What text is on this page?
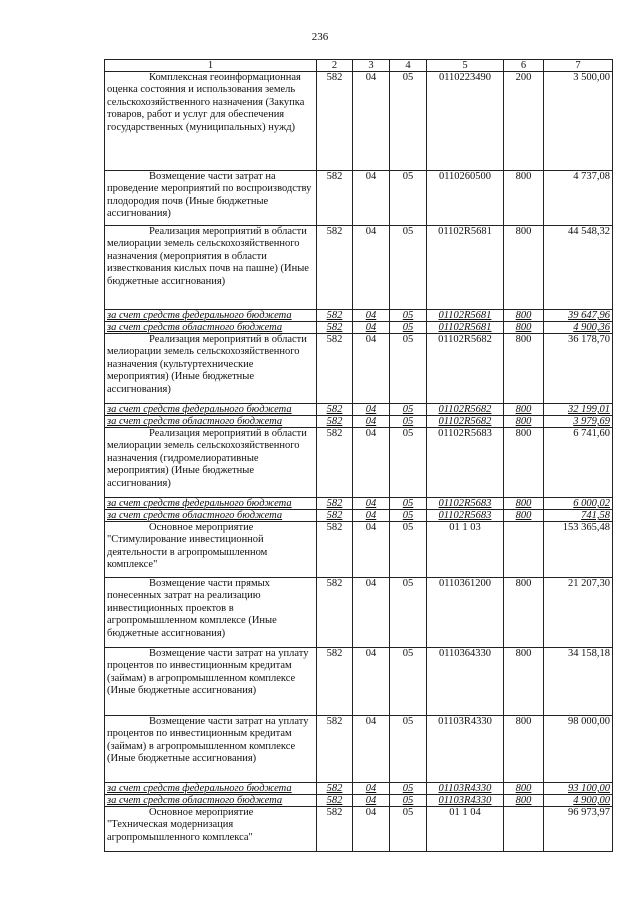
236
1	2	3	4	5	6	7
Комплексная геоинформационная оценка состояния и использования земель сельскохозяйственного назначения (Закупка товаров, работ и услуг для обеспечения государственных (муниципальных) нужд)	582	04	05	0110223490	200	3 500,00
Возмещение части затрат на проведение мероприятий по воспроизводству плодородия почв (Иные бюджетные ассигнования)	582	04	05	0110260500	800	4 737,08
Реализация мероприятий в области мелиорации земель сельскохозяйственного назначения (мероприятия в области известкования кислых почв на пашне) (Иные бюджетные ассигнования)	582	04	05	01102R5681	800	44 548,32
за счет средств федерального бюджета	582	04	05	01102R5681	800	39 647,96
за счет средств областного бюджета	582	04	05	01102R5681	800	4 900,36
Реализация мероприятий в области мелиорации земель сельскохозяйственного назначения (культуртехнические мероприятия) (Иные бюджетные ассигнования)	582	04	05	01102R5682	800	36 178,70
за счет средств федерального бюджета	582	04	05	01102R5682	800	32 199,01
за счет средств областного бюджета	582	04	05	01102R5682	800	3 979,69
Реализация мероприятий в области мелиорации земель сельскохозяйственного назначения (гидромелиоративные мероприятия) (Иные бюджетные ассигнования)	582	04	05	01102R5683	800	6 741,60
за счет средств федерального бюджета	582	04	05	01102R5683	800	6 000,02
за счет средств областного бюджета	582	04	05	01102R5683	800	741,58
Основное мероприятие "Стимулирование инвестиционной деятельности в агропромышленном комплексе"	582	04	05	01 1 03		153 365,48
Возмещение части прямых понесенных затрат на реализацию инвестиционных проектов в агропромышленном комплексе (Иные бюджетные ассигнования)	582	04	05	0110361200	800	21 207,30
Возмещение части затрат на уплату процентов по инвестиционным кредитам (займам) в агропромышленном комплексе (Иные бюджетные ассигнования)	582	04	05	0110364330	800	34 158,18
Возмещение части затрат на уплату процентов по инвестиционным кредитам (займам) в агропромышленном комплексе (Иные бюджетные ассигнования)	582	04	05	01103R4330	800	98 000,00
за счет средств федерального бюджета	582	04	05	01103R4330	800	93 100,00
за счет средств областного бюджета	582	04	05	01103R4330	800	4 900,00
Основное мероприятие "Техническая модернизация агропромышленного комплекса"	582	04	05	01 1 04		96 973,97
